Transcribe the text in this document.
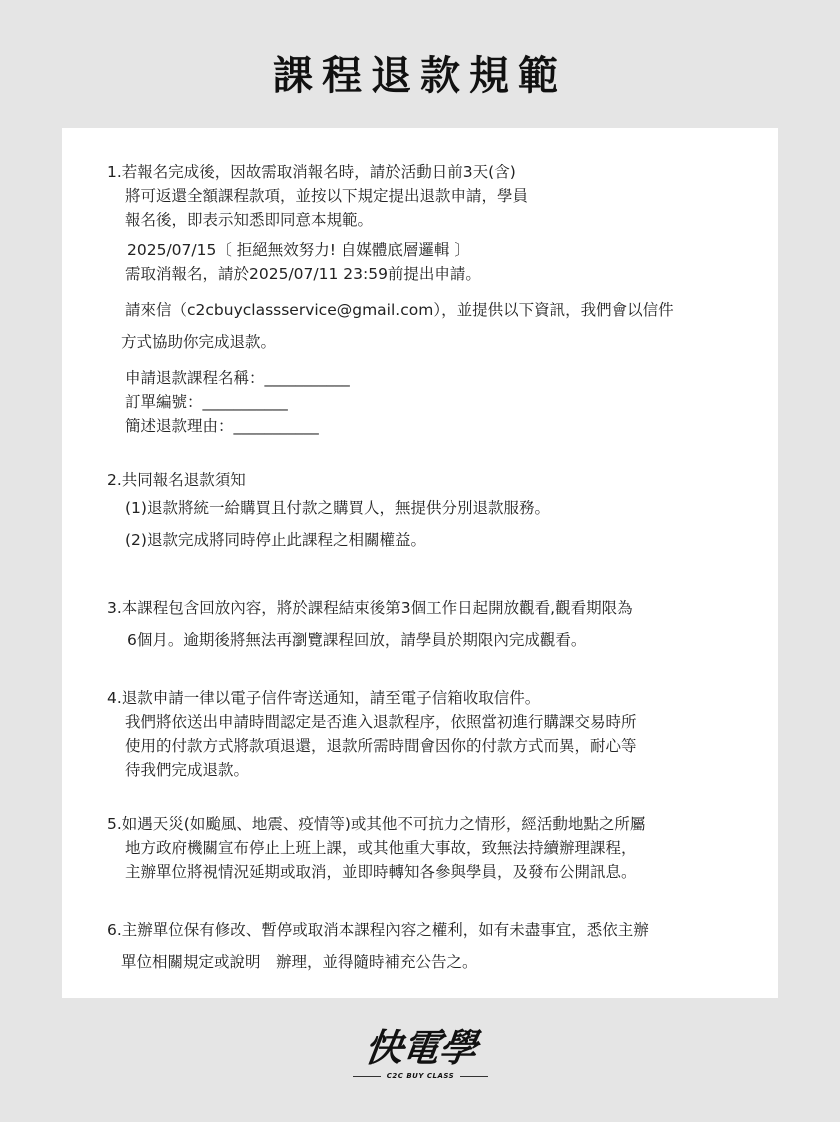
課程退款規範
1.若報名完成後，因故需取消報名時，請於活動日前3天(含)
將可返還全額課程款項，並按以下規定提出退款申請，學員
報名後，即表示知悉即同意本規範。
2025/07/15〔 拒絕無效努力! 自媒體底層邏輯 〕
需取消報名，請於2025/07/11 23:59前提出申請。
請來信（c2cbuyclassservice@gmail.com），並提供以下資訊，我們會以信件
方式協助你完成退款。
申請退款課程名稱：___________
訂單編號：___________
簡述退款理由：___________
2.共同報名退款須知
(1)退款將統一給購買且付款之購買人，無提供分別退款服務。
(2)退款完成將同時停止此課程之相關權益。
3.本課程包含回放內容，將於課程結束後第3個工作日起開放觀看,觀看期限為
6個月。逾期後將無法再瀏覽課程回放，請學員於期限內完成觀看。
4.退款申請一律以電子信件寄送通知，請至電子信箱收取信件。
我們將依送出申請時間認定是否進入退款程序，依照當初進行購課交易時所
使用的付款方式將款項退還，退款所需時間會因你的付款方式而異，耐心等
待我們完成退款。
5.如遇天災(如颱風、地震、疫情等)或其他不可抗力之情形，經活動地點之所屬
地方政府機關宣布停止上班上課，或其他重大事故，致無法持續辦理課程，
主辦單位將視情況延期或取消，並即時轉知各參與學員，及發布公開訊息。
6.主辦單位保有修改、暫停或取消本課程內容之權利，如有未盡事宜，悉依主辦
單位相關規定或說明　辦理，並得隨時補充公告之。
快電學
C2C BUY CLASS
